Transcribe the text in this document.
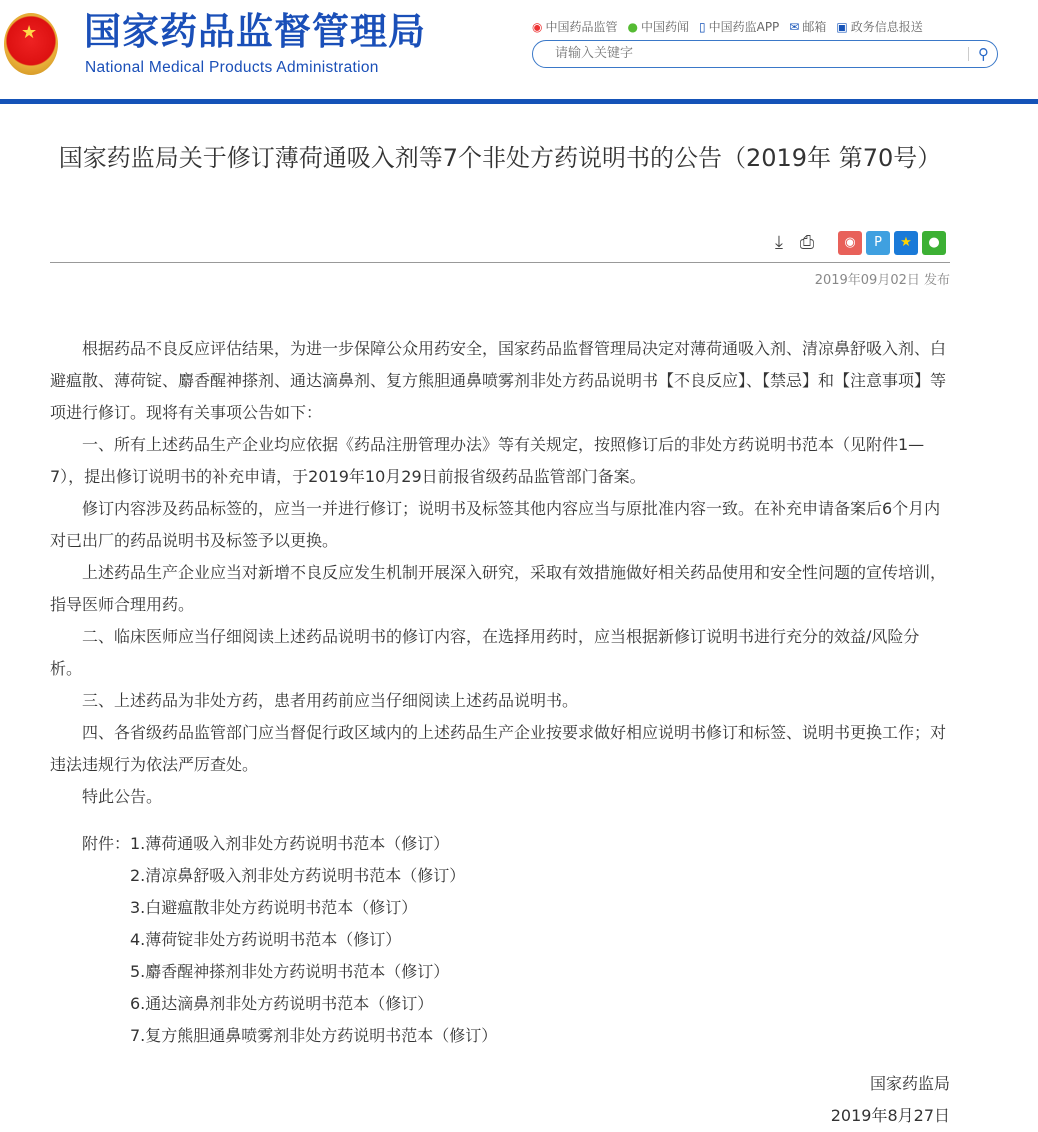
★
国家药品监督管理局
National Medical Products Administration
◉ 中国药品监管 ● 中国药闻 ▯ 中国药监APP ✉ 邮箱 ▣ 政务信息报送
请输入关键字
⚲
国家药监局关于修订薄荷通吸入剂等7个非处方药说明书的公告（2019年 第70号）
⤓ ⎙	◉	P	★	●
2019年09月02日 发布

根据药品不良反应评估结果，为进一步保障公众用药安全，国家药品监督管理局决定对薄荷通吸入剂、清凉鼻舒吸入剂、白避瘟散、薄荷锭、麝香醒神搽剂、通达滴鼻剂、复方熊胆通鼻喷雾剂非处方药品说明书【不良反应】、【禁忌】和【注意事项】等项进行修订。现将有关事项公告如下：

一、所有上述药品生产企业均应依据《药品注册管理办法》等有关规定，按照修订后的非处方药说明书范本（见附件1—7），提出修订说明书的补充申请，于2019年10月29日前报省级药品监管部门备案。

修订内容涉及药品标签的，应当一并进行修订；说明书及标签其他内容应当与原批准内容一致。在补充申请备案后6个月内对已出厂的药品说明书及标签予以更换。

上述药品生产企业应当对新增不良反应发生机制开展深入研究，采取有效措施做好相关药品使用和安全性问题的宣传培训，指导医师合理用药。

二、临床医师应当仔细阅读上述药品说明书的修订内容，在选择用药时，应当根据新修订说明书进行充分的效益/风险分析。

三、上述药品为非处方药，患者用药前应当仔细阅读上述药品说明书。

四、各省级药品监管部门应当督促行政区域内的上述药品生产企业按要求做好相应说明书修订和标签、说明书更换工作；对违法违规行为依法严厉查处。

特此公告。

附件： 1.薄荷通吸入剂非处方药说明书范本（修订）
2.清凉鼻舒吸入剂非处方药说明书范本（修订）
3.白避瘟散非处方药说明书范本（修订）
4.薄荷锭非处方药说明书范本（修订）
5.麝香醒神搽剂非处方药说明书范本（修订）
6.通达滴鼻剂非处方药说明书范本（修订）
7.复方熊胆通鼻喷雾剂非处方药说明书范本（修订）
国家药监局
2019年8月27日
